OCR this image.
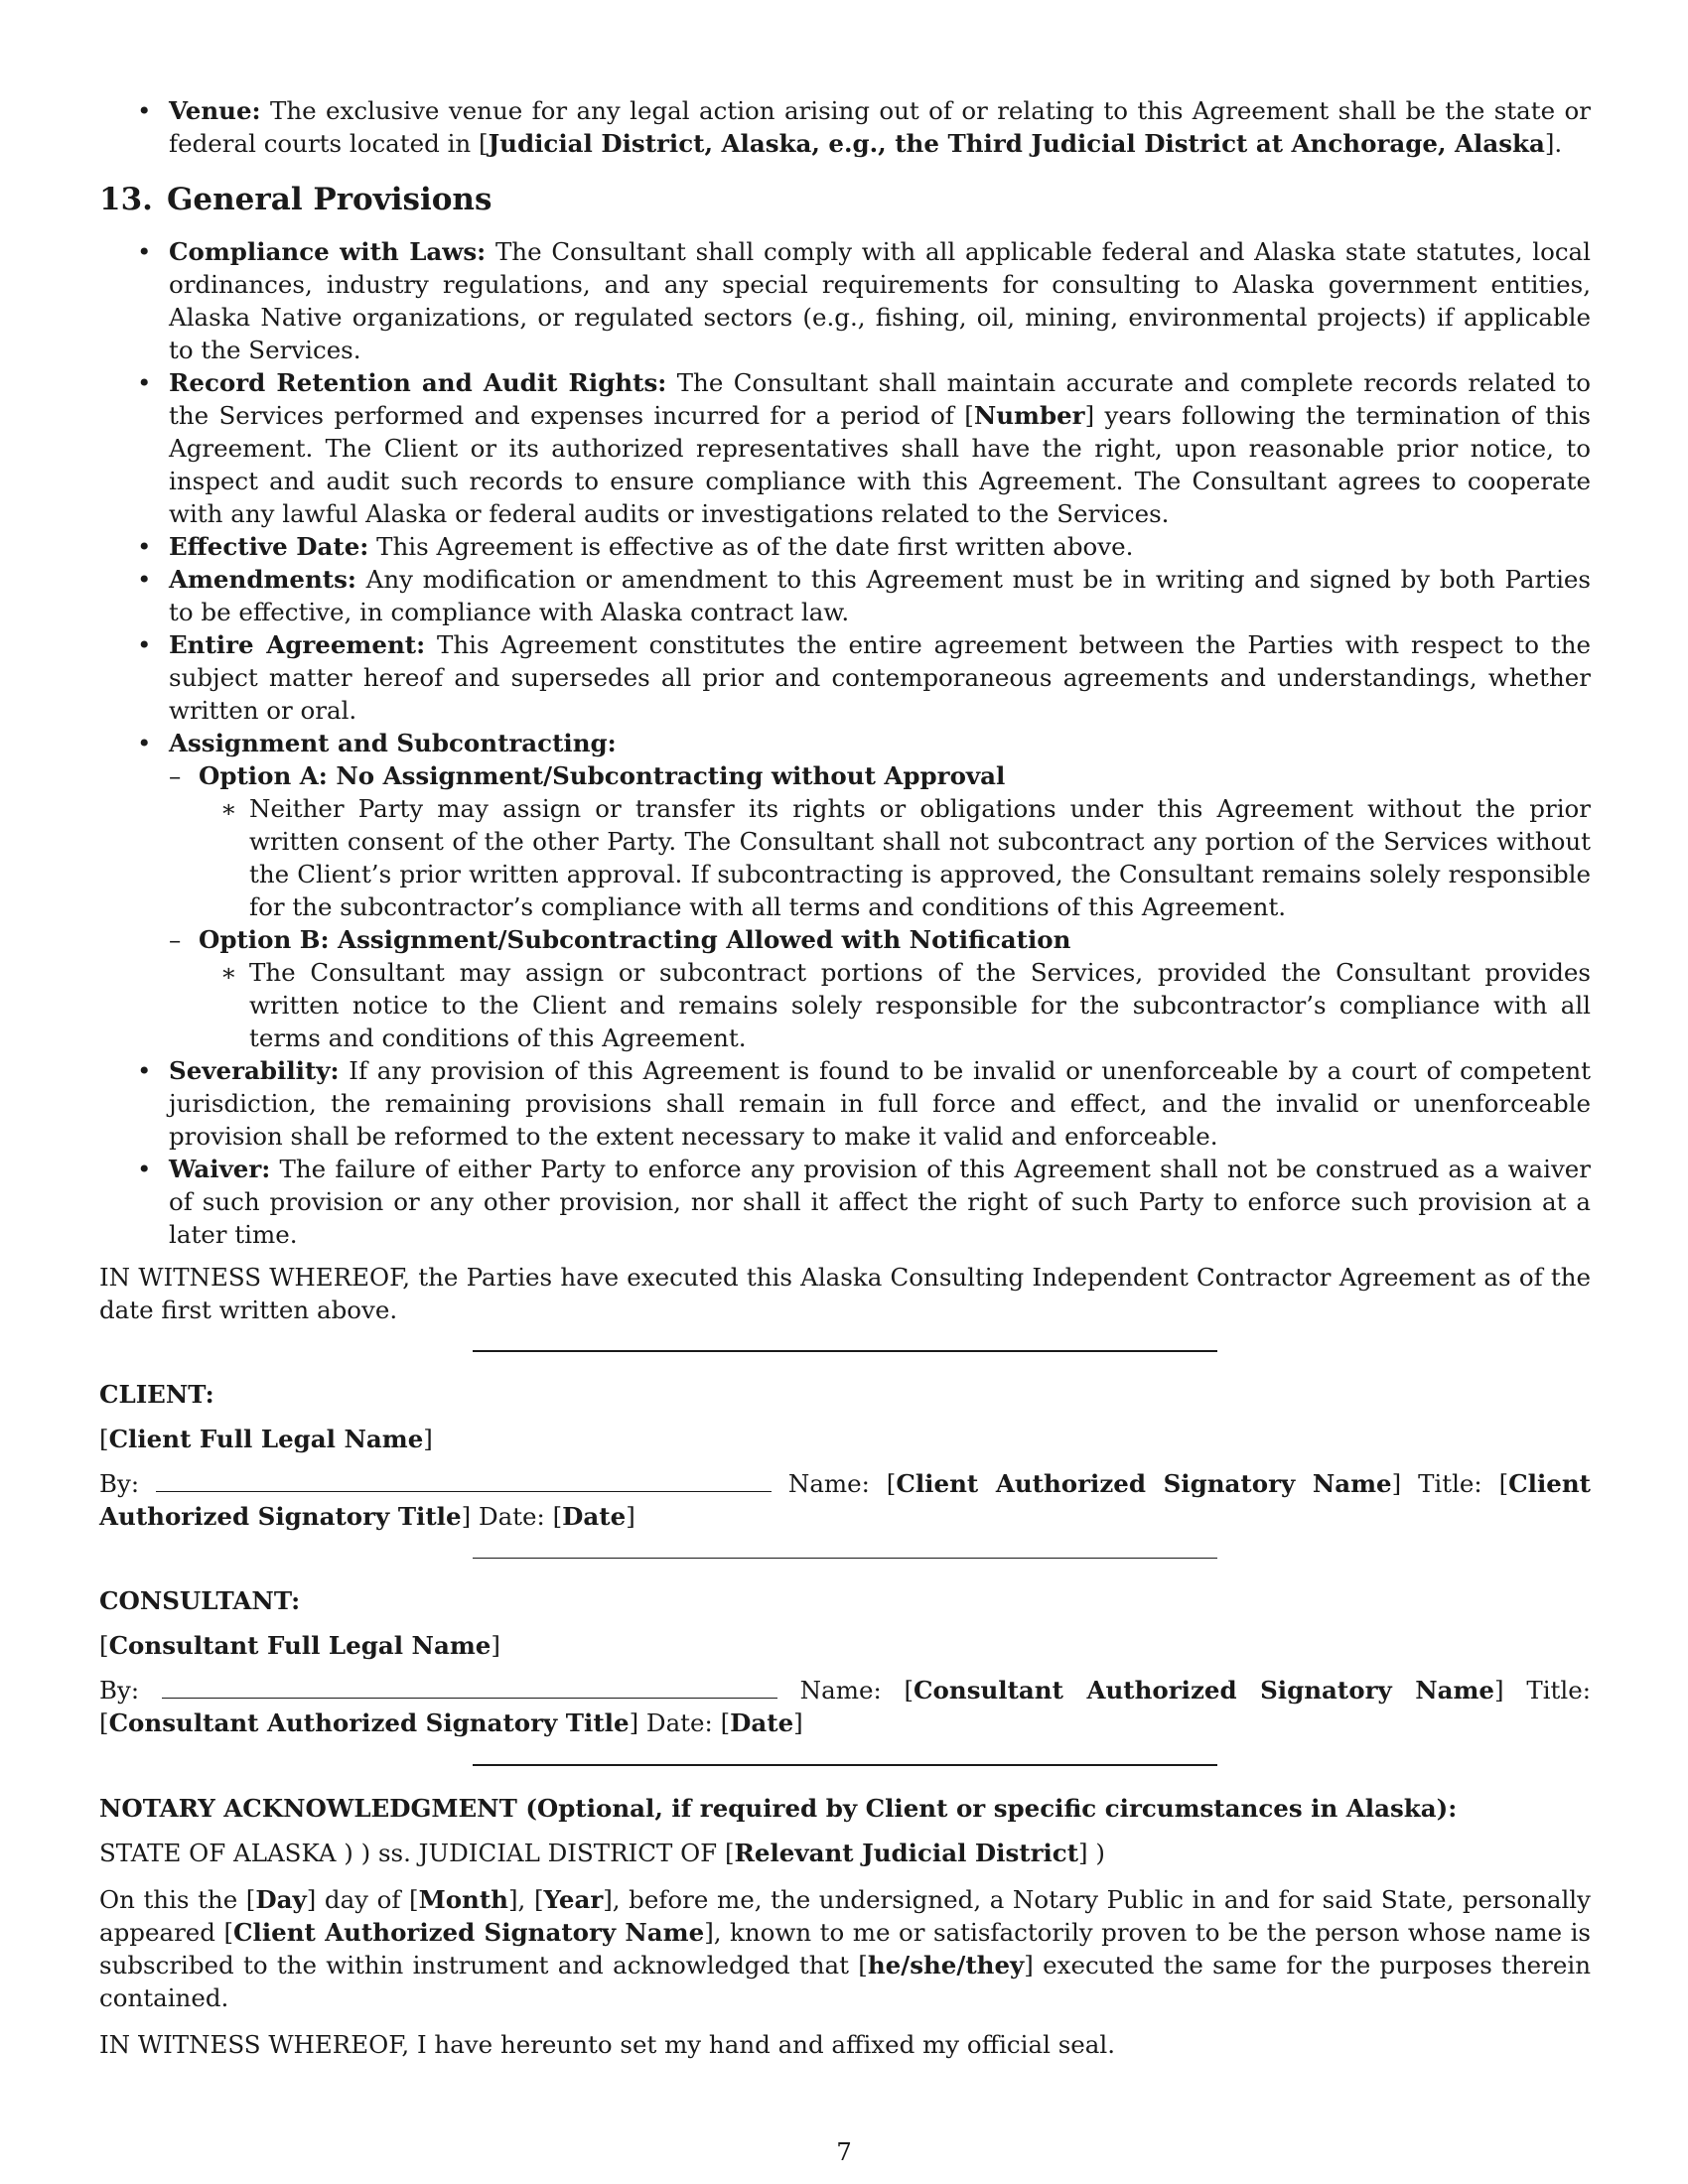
• Venue: The exclusive venue for any legal action arising out of or relating to this Agreement shall be the state or federal courts located in [Judicial District, Alaska, e.g., the Third Judicial District at Anchorage, Alaska].
13. General Provisions
• Compliance with Laws: The Consultant shall comply with all applicable federal and Alaska state statutes, local ordinances, industry regulations, and any special requirements for consulting to Alaska government entities, Alaska Native organizations, or regulated sectors (e.g., fishing, oil, mining, environmental projects) if applicable to the Services.
• Record Retention and Audit Rights: The Consultant shall maintain accurate and complete records related to the Services performed and expenses incurred for a period of [Number] years following the termination of this Agreement. The Client or its authorized representatives shall have the right, upon reasonable prior notice, to inspect and audit such records to ensure compliance with this Agreement. The Consultant agrees to cooperate with any lawful Alaska or federal audits or investigations related to the Services.
• Effective Date: This Agreement is effective as of the date first written above.
• Amendments: Any modification or amendment to this Agreement must be in writing and signed by both Parties to be effective, in compliance with Alaska contract law.
• Entire Agreement: This Agreement constitutes the entire agreement between the Parties with respect to the subject matter hereof and supersedes all prior and contemporaneous agreements and understandings, whether written or oral.
• Assignment and Subcontracting:
– Option A: No Assignment/Subcontracting without Approval
∗ Neither Party may assign or transfer its rights or obligations under this Agreement without the prior written consent of the other Party. The Consultant shall not subcontract any portion of the Services without the Client’s prior written approval. If subcontracting is approved, the Consultant remains solely responsible for the subcontractor’s compliance with all terms and conditions of this Agreement.
– Option B: Assignment/Subcontracting Allowed with Notification
∗ The Consultant may assign or subcontract portions of the Services, provided the Consultant provides written notice to the Client and remains solely responsible for the subcontractor’s compliance with all terms and conditions of this Agreement.
• Severability: If any provision of this Agreement is found to be invalid or unenforceable by a court of competent jurisdiction, the remaining provisions shall remain in full force and effect, and the invalid or unenforceable provision shall be reformed to the extent necessary to make it valid and enforceable.
• Waiver: The failure of either Party to enforce any provision of this Agreement shall not be construed as a waiver of such provision or any other provision, nor shall it affect the right of such Party to enforce such provision at a later time.

IN WITNESS WHEREOF, the Parties have executed this Alaska Consulting Independent Contractor Agreement as of the date first written above.

CLIENT:

[Client Full Legal Name]

By:	Name: [Client Authorized Signatory Name] Title: [Client Authorized Signatory Title] Date: [Date]

CONSULTANT:

[Consultant Full Legal Name]

By:	Name: [Consultant Authorized Signatory Name] Title: [Consultant Authorized Signatory Title] Date: [Date]

NOTARY ACKNOWLEDGMENT (Optional, if required by Client or specific circumstances in Alaska):

STATE OF ALASKA ) ) ss. JUDICIAL DISTRICT OF [Relevant Judicial District] )

On this the [Day] day of [Month], [Year], before me, the undersigned, a Notary Public in and for said State, personally appeared [Client Authorized Signatory Name], known to me or satisfactorily proven to be the person whose name is subscribed to the within instrument and acknowledged that [he/she/they] executed the same for the purposes therein contained.

IN WITNESS WHEREOF, I have hereunto set my hand and affixed my official seal.

7
